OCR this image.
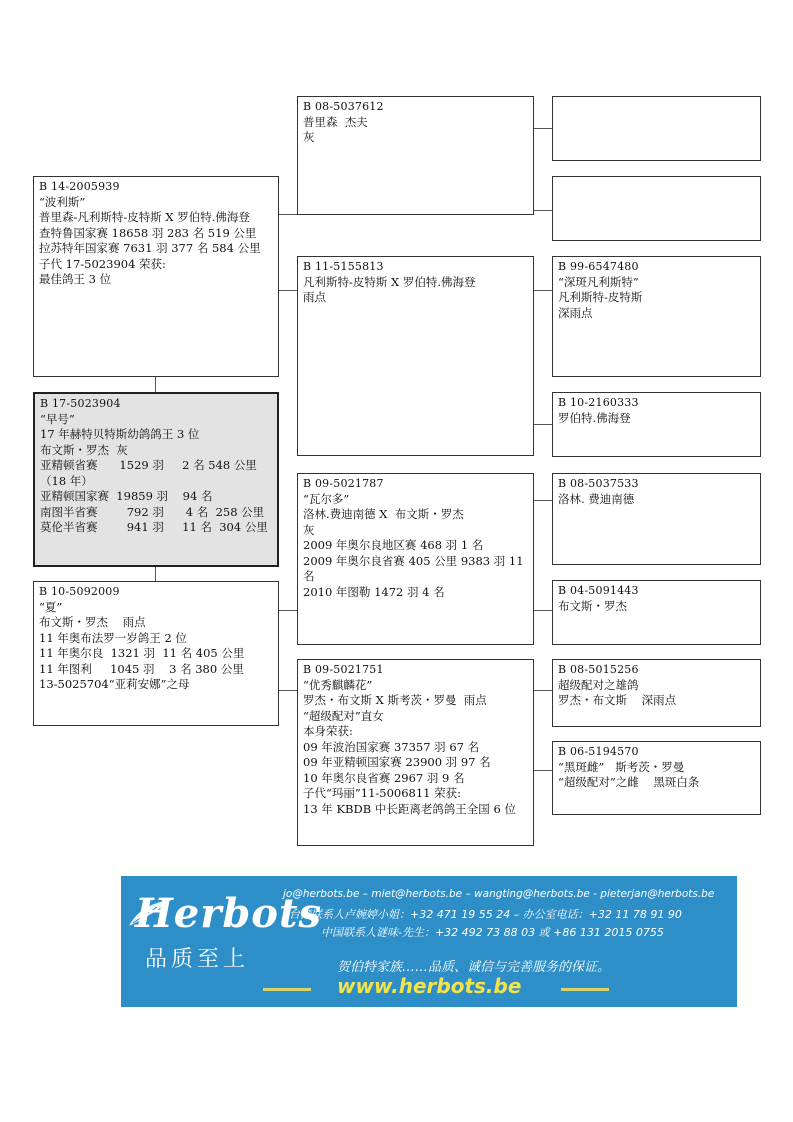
B 17-5023904
“早号”
17 年赫特贝特斯幼鸽鸽王 3 位
布文斯・罗杰  灰
亚精顿省赛      1529 羽     2 名 548 公里（18 年）
亚精顿国家赛  19859 羽    94 名
南图半省赛        792 羽      4 名  258 公里
莫伦半省赛        941 羽     11 名  304 公里
B 14-2005939
“波利斯”
普里森-凡利斯特-皮特斯 X 罗伯特.佛海登
查特鲁国家赛 18658 羽 283 名 519 公里
拉苏特年国家赛 7631 羽 377 名 584 公里
子代 17-5023904 荣获:
最佳鸽王 3 位
B 10-5092009
“夏”
布文斯・罗杰    雨点
11 年奥布法罗一岁鸽王 2 位
11 年奥尔良  1321 羽  11 名 405 公里
11 年图利     1045 羽    3 名 380 公里
13-5025704“亚莉安娜”之母
B 08-5037612
普里森  杰夫
灰
B 11-5155813
凡利斯特-皮特斯 X 罗伯特.佛海登
雨点
B 09-5021787
“瓦尔多”
洛林.费迪南德 X  布文斯・罗杰
灰
2009 年奥尔良地区赛 468 羽 1 名
2009 年奥尔良省赛 405 公里 9383 羽 11 名
2010 年图勒 1472 羽 4 名
B 09-5021751
“优秀麒麟花”
罗杰・布文斯 X 斯考茨・罗曼  雨点
“超级配对”直女
本身荣获:
09 年波治国家赛 37357 羽 67 名
09 年亚精顿国家赛 23900 羽 97 名
10 年奥尔良省赛 2967 羽 9 名
子代“玛丽”11-5006811 荣获:
13 年 KBDB 中长距离老鸽鸽王全国 6 位
B 99-6547480
“深斑凡利斯特”
凡利斯特-皮特斯
深雨点
B 10-2160333
罗伯特.佛海登
B 08-5037533
洛林. 费迪南德
B 04-5091443
布文斯・罗杰
B 08-5015256
超级配对之雄鸽
罗杰・布文斯    深雨点
B 06-5194570
“黑斑雌”   斯考茨・罗曼
“超级配对”之雌    黑斑白条
Herbots
品质至上
jo@herbots.be – miet@herbots.be – wangting@herbots.be - pieterjan@herbots.be
台湾联系人卢婉婷小姐：+32 471 19 55 24 – 办公室电话：+32 11 78 91 90
中国联系人谜味-先生：+32 492 73 88 03 或 +86 131 2015 0755
贺伯特家族……品质、诚信与完善服务的保证。
www.herbots.be
